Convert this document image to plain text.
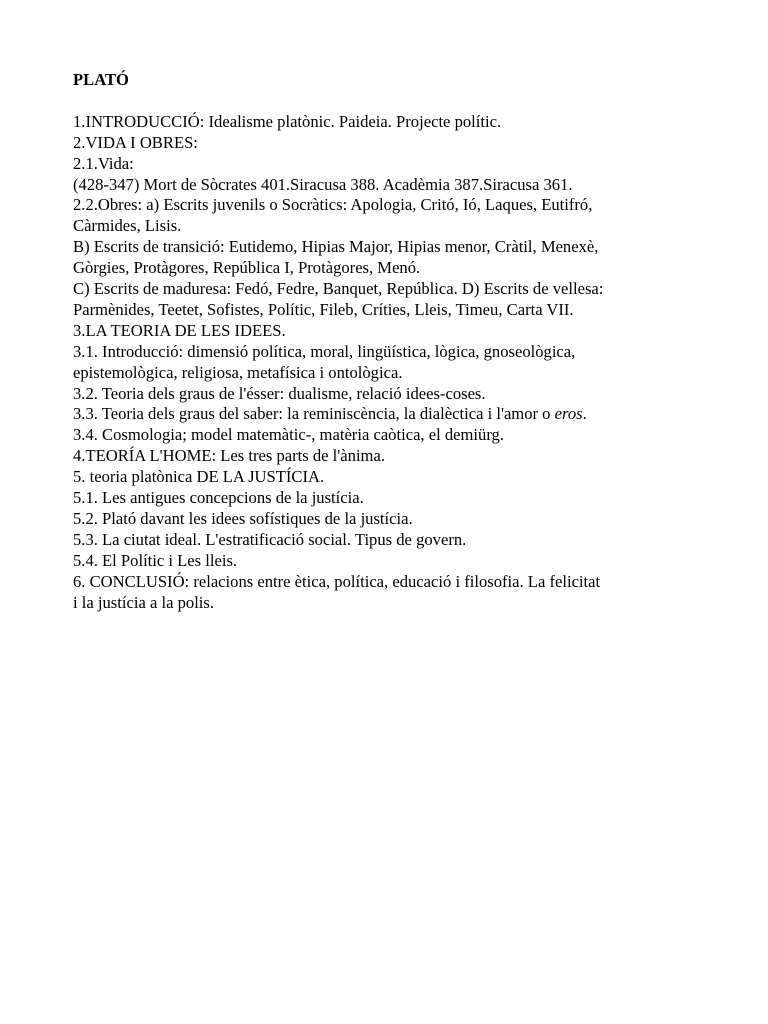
PLATÓ
1.INTRODUCCIÓ: Idealisme platònic. Paideia. Projecte polític.
2.VIDA I OBRES:
2.1.Vida:
(428-347) Mort de Sòcrates 401.Siracusa 388. Acadèmia 387.Siracusa 361.
2.2.Obres: a) Escrits juvenils o Socràtics: Apologia, Critó, Ió, Laques, Eutifró,
Càrmides, Lisis.
B) Escrits de transició: Eutidemo, Hipias Major, Hipias menor, Cràtil, Menexè,
Gòrgies, Protàgores, República I, Protàgores, Menó.
C) Escrits de maduresa: Fedó, Fedre, Banquet, República. D) Escrits de vellesa:
Parmènides, Teetet, Sofistes, Polític, Fileb, Críties, Lleis, Timeu, Carta VII.
3.LA TEORIA DE LES IDEES.
3.1. Introducció: dimensió política, moral, lingüística, lògica, gnoseològica,
epistemològica, religiosa, metafísica i ontològica.
3.2. Teoria dels graus de l'ésser: dualisme, relació idees-coses.
3.3. Teoria dels graus del saber: la reminiscència, la dialèctica i l'amor o eros.
3.4. Cosmologia; model matemàtic-, matèria caòtica, el demiürg.
4.TEORÍA L'HOME: Les tres parts de l'ànima.
5. teoria platònica DE LA JUSTÍCIA.
5.1. Les antigues concepcions de la justícia.
5.2. Plató davant les idees sofístiques de la justícia.
5.3. La ciutat ideal. L'estratificació social. Tipus de govern.
5.4. El Polític i Les lleis.
6. CONCLUSIÓ: relacions entre ètica, política, educació i filosofia. La felicitat
i la justícia a la polis.
